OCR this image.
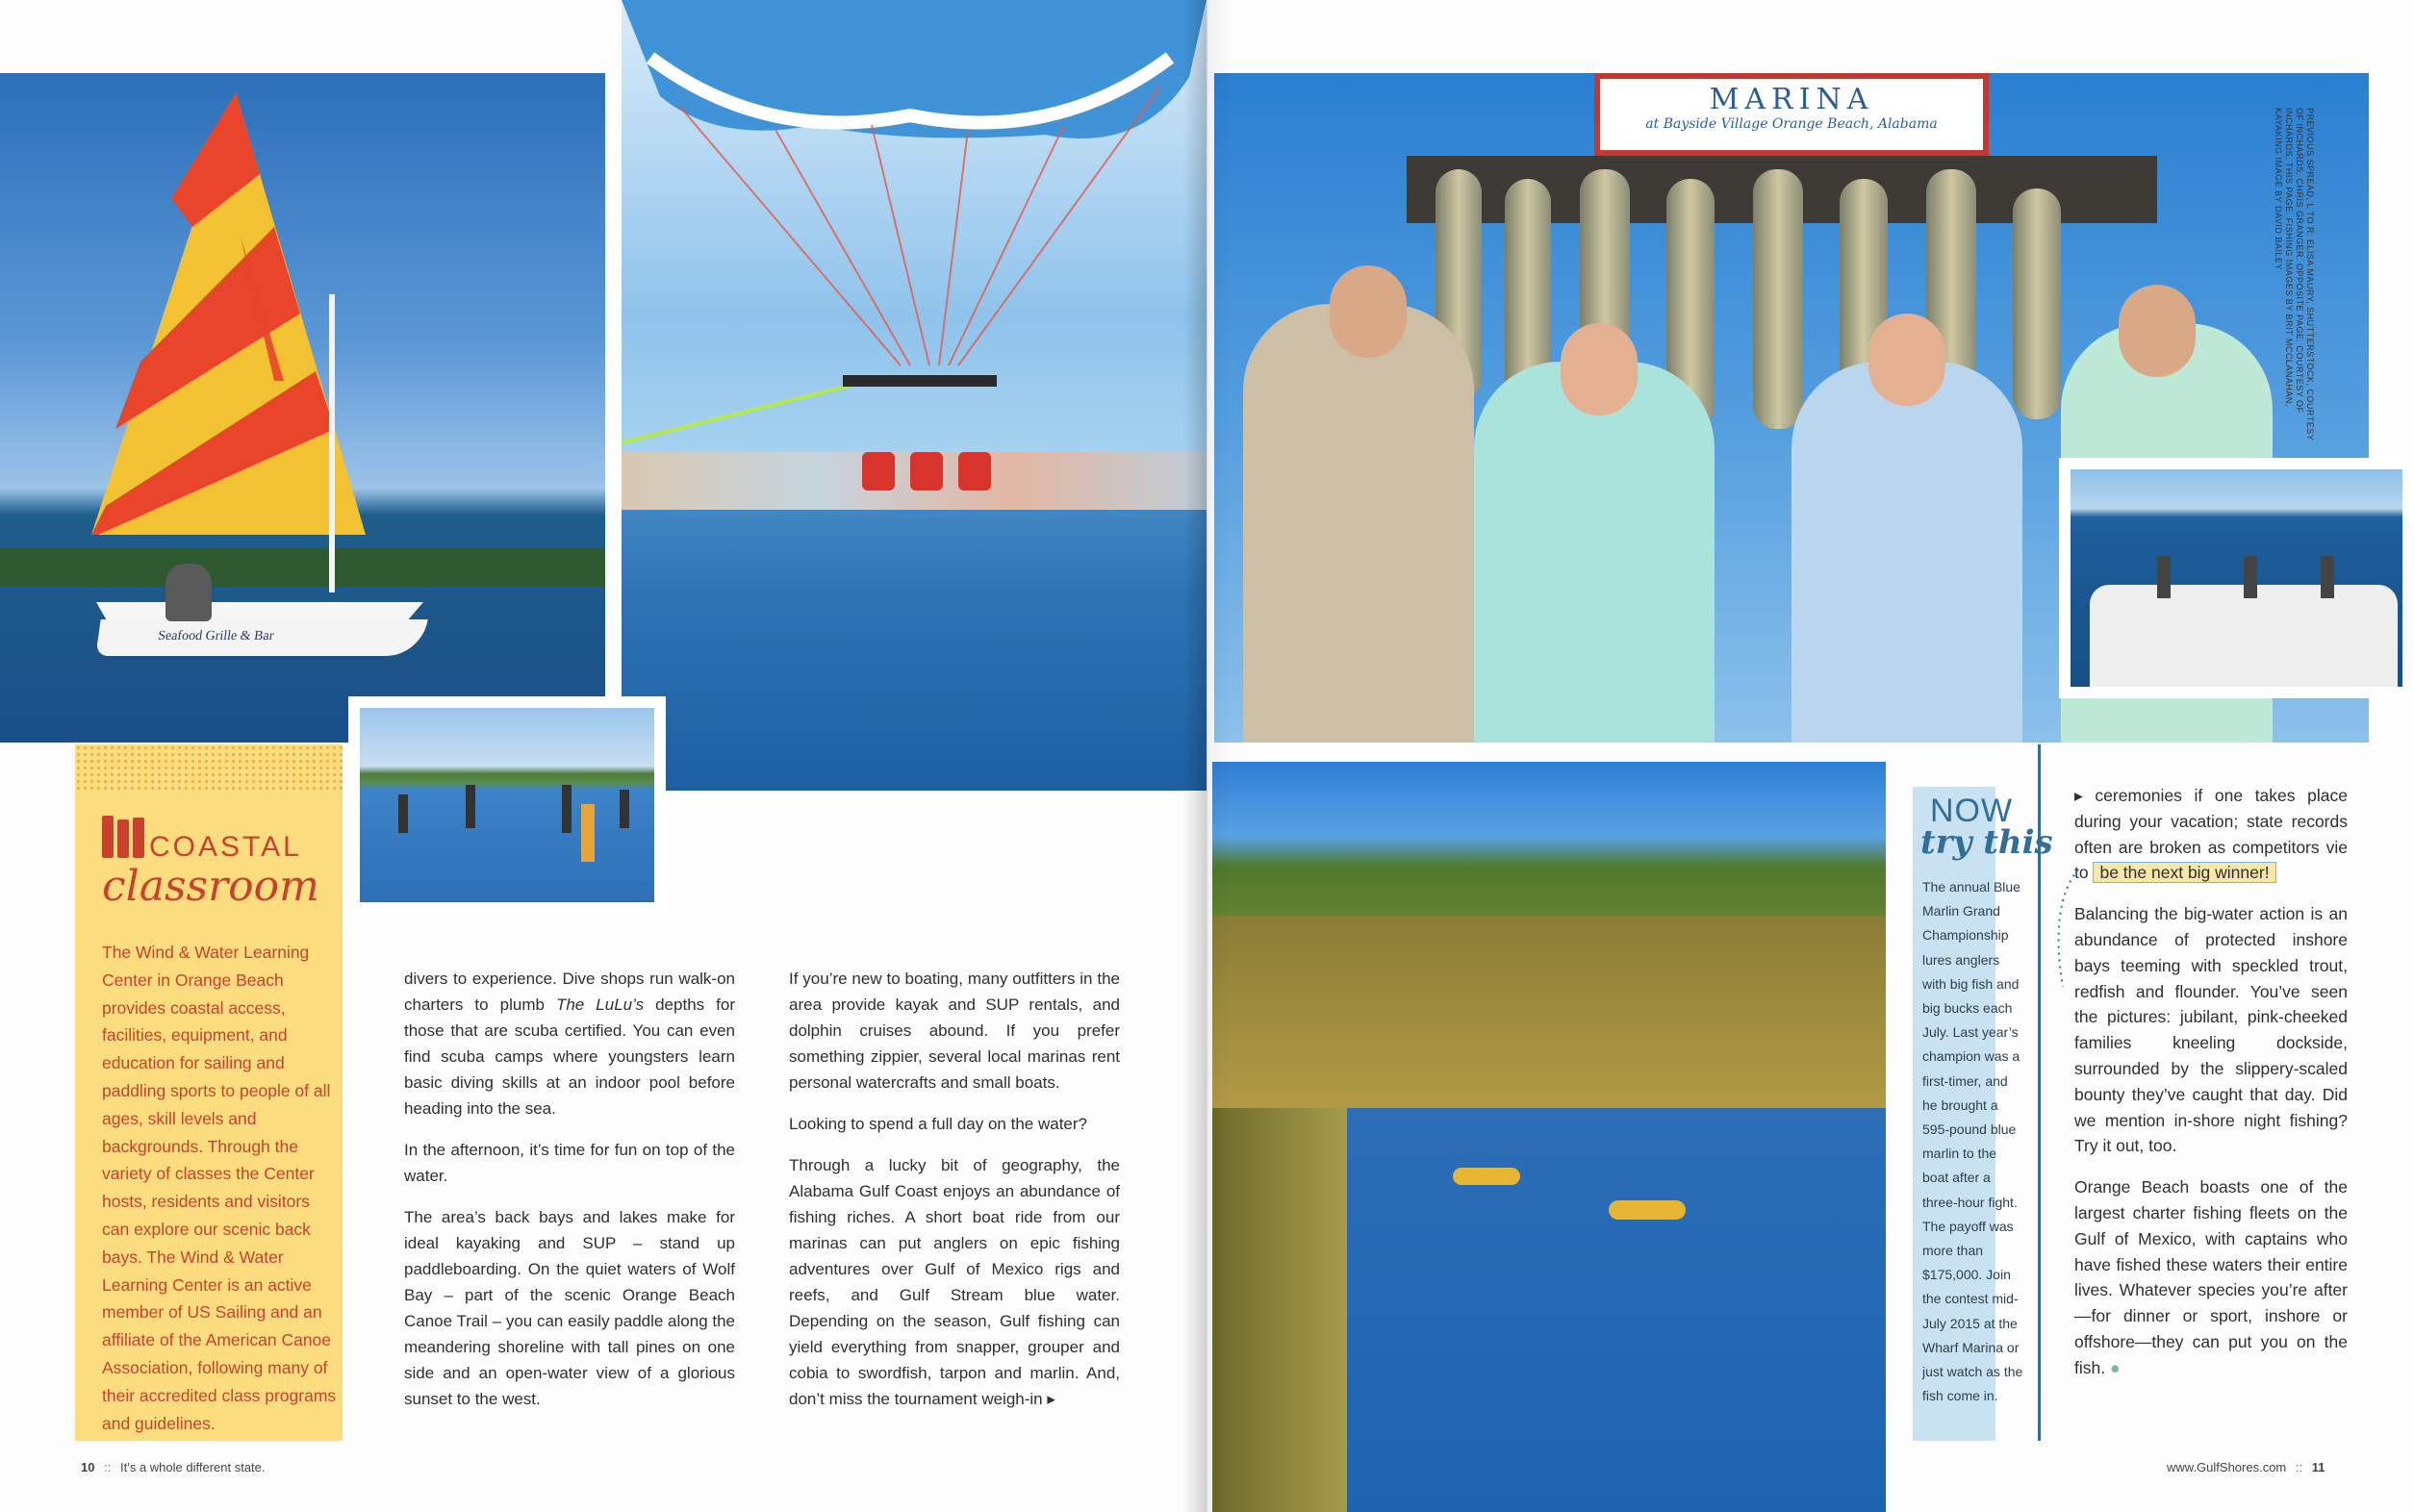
Seafood Grille & Bar
COASTAL
classroom
The Wind & Water Learning Center in Orange Beach provides coastal access, facilities, equipment, and education for sailing and paddling sports to people of all ages, skill levels and backgrounds. Through the variety of classes the Center hosts, residents and visitors can explore our scenic back bays. The Wind & Water Learning Center is an active member of US Sailing and an affiliate of the American Canoe Association, following many of their accredited class programs and guidelines.

divers to experience. Dive shops run walk-on charters to plumb The LuLu’s depths for those that are scuba certified. You can even find scuba camps where youngsters learn basic diving skills at an indoor pool before heading into the sea.

In the afternoon, it’s time for fun on top of the water.

The area’s back bays and lakes make for ideal kayaking and SUP – stand up paddleboarding. On the quiet waters of Wolf Bay – part of the scenic Orange Beach Canoe Trail – you can easily paddle along the meandering shoreline with tall pines on one side and an open-water view of a glorious sunset to the west.

If you’re new to boating, many outfitters in the area provide kayak and SUP rentals, and dolphin cruises abound. If you prefer something zippier, several local marinas rent personal watercrafts and small boats.

Looking to spend a full day on the water?

Through a lucky bit of geography, the Alabama Gulf Coast enjoys an abundance of fishing riches. A short boat ride from our marinas can put anglers on epic fishing adventures over Gulf of Mexico rigs and reefs, and Gulf Stream blue water. Depending on the season, Gulf fishing can yield everything from snapper, grouper and cobia to swordfish, tarpon and marlin. And, don’t miss the tournament weigh-in ▸

10 :: It’s a whole different state.
MARINA
at Bayside Village Orange Beach, Alabama	PREVIOUS SPREAD, L TO R: ELISA MAURY, SHUTTERSTOCK, COURTESY OF INCHARDS, CHRIS GRANGER. OPPOSITE PAGE: COURTESY OF INCHARDS. THIS PAGE: FISHING IMAGES BY BRIT MCCLANAHAN, KAYAKING IMAGE BY DAVID BAILEY
NOW
try this
The annual Blue Marlin Grand Championship lures anglers with big fish and big bucks each July. Last year’s champion was a first-timer, and he brought a 595-pound blue marlin to the boat after a three-hour fight. The payoff was more than $175,000. Join the contest mid-July 2015 at the Wharf Marina or just watch as the fish come in.

▸ ceremonies if one takes place during your vacation; state records often are broken as competitors vie to be the next big winner!

Balancing the big-water action is an abundance of protected inshore bays teeming with speckled trout, redfish and flounder. You’ve seen the pictures: jubilant, pink-cheeked families kneeling dockside, surrounded by the slippery-scaled bounty they’ve caught that day. Did we mention in-shore night fishing? Try it out, too.

Orange Beach boasts one of the largest charter fishing fleets on the Gulf of Mexico, with captains who have fished these waters their entire lives. Whatever species you’re after—for dinner or sport, inshore or offshore—they can put you on the fish. ●

www.GulfShores.com :: 11
